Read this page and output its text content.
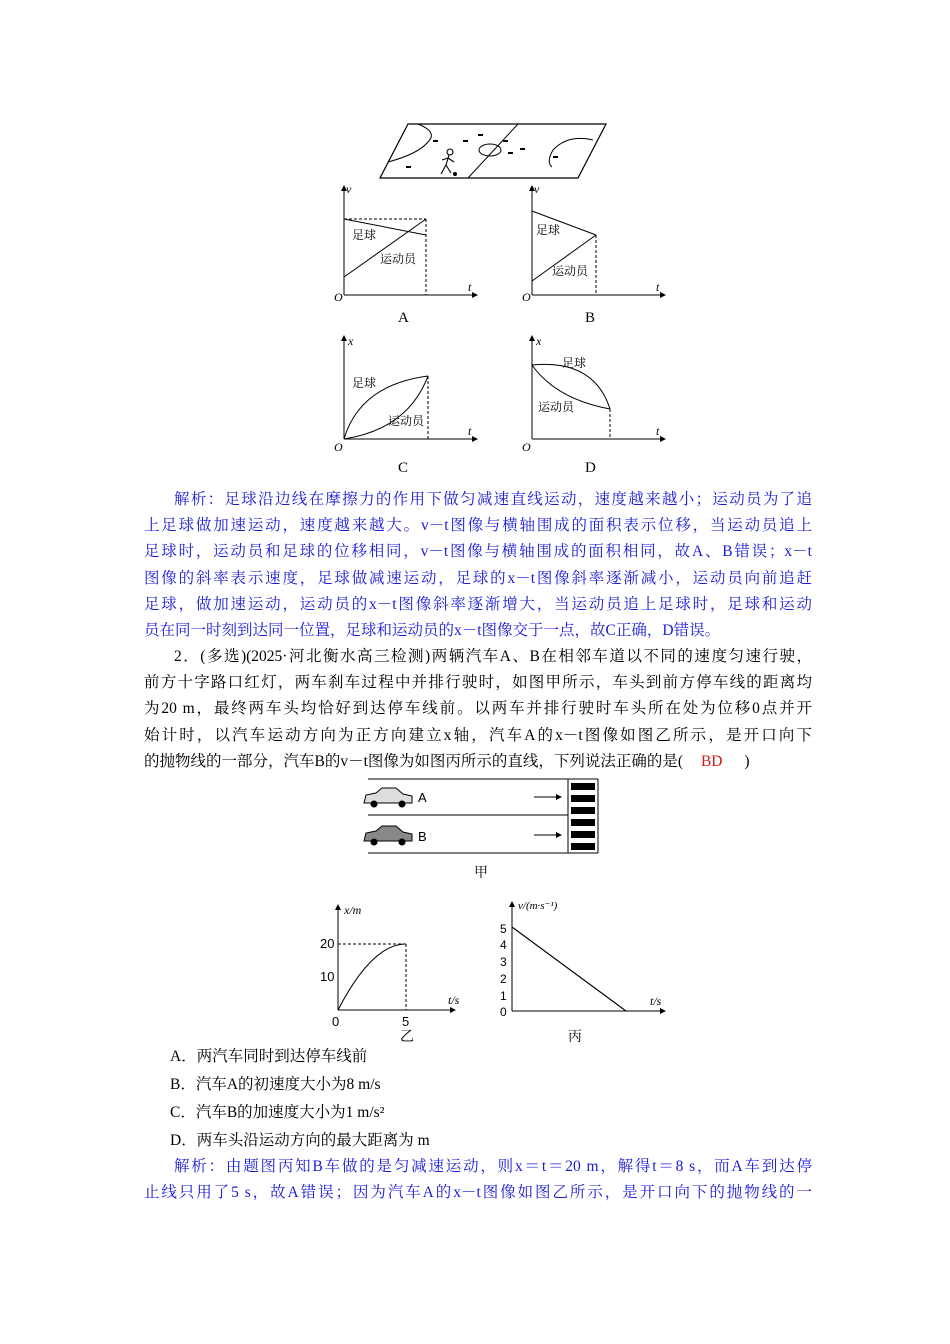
v
t
O
足球
运动员
A
v
t
O
足球
运动员
B
x
t
O
足球
运动员
C
x
t
O
足球
运动员
D
解析：足球沿边线在摩擦力的作用下做匀减速直线运动，速度越来越小；运动员为了追
上足球做加速运动，速度越来越大。v－t图像与横轴围成的面积表示位移，当运动员追上
足球时，运动员和足球的位移相同，v－t图像与横轴围成的面积相同，故A、B错误；x－t
图像的斜率表示速度，足球做减速运动，足球的x－t图像斜率逐渐减小，运动员向前追赶
足球，做加速运动，运动员的x－t图像斜率逐渐增大，当运动员追上足球时，足球和运动
员在同一时刻到达同一位置，足球和运动员的x－t图像交于一点，故C正确，D错误。
2．(多选)(2025·河北衡水高三检测)两辆汽车A、B在相邻车道以不同的速度匀速行驶，
前方十字路口红灯，两车刹车过程中并排行驶时，如图甲所示，车头到前方停车线的距离均
为20 m，最终两车头均恰好到达停车线前。以两车并排行驶时车头所在处为位移0点并开
始计时，以汽车运动方向为正方向建立x轴，汽车A的x－t图像如图乙所示，是开口向下
的抛物线的一部分，汽车B的v－t图像为如图丙所示的直线，下列说法正确的是( BD )
A
B
甲
x/m
t/s
20
10
0	5
乙
v/(m·s⁻¹)
t/s
5
4
3
2
1
0
丙
A．两汽车同时到达停车线前
B．汽车A的初速度大小为8 m/s
C．汽车B的加速度大小为1 m/s²
D．两车头沿运动方向的最大距离为 m
解析：由题图丙知B车做的是匀减速运动，则x＝t＝20 m，解得t＝8 s，而A车到达停
止线只用了5 s，故A错误；因为汽车A的x－t图像如图乙所示，是开口向下的抛物线的一
